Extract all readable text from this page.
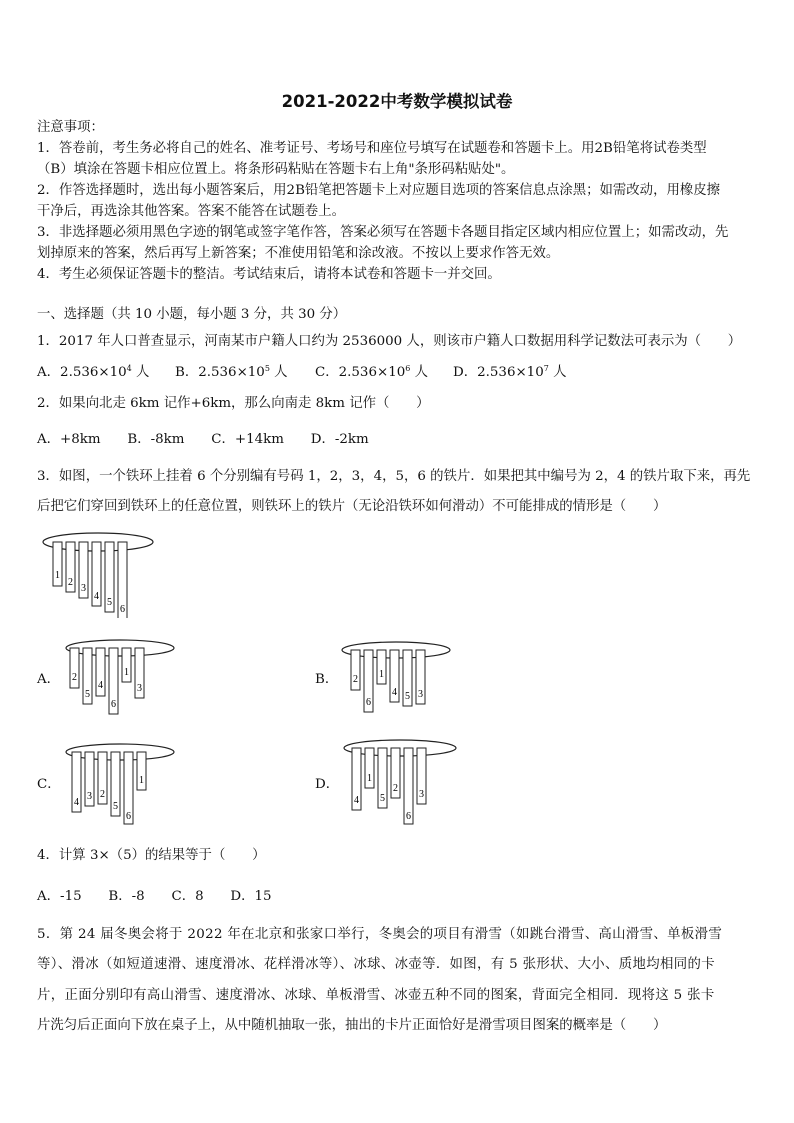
2021-2022中考数学模拟试卷
注意事项：
1．答卷前，考生务必将自己的姓名、准考证号、考场号和座位号填写在试题卷和答题卡上。用2B铅笔将试卷类型
（B）填涂在答题卡相应位置上。将条形码粘贴在答题卡右上角"条形码粘贴处"。
2．作答选择题时，选出每小题答案后，用2B铅笔把答题卡上对应题目选项的答案信息点涂黑；如需改动，用橡皮擦
干净后，再选涂其他答案。答案不能答在试题卷上。
3．非选择题必须用黑色字迹的钢笔或签字笔作答，答案必须写在答题卡各题目指定区域内相应位置上；如需改动，先
划掉原来的答案，然后再写上新答案；不准使用铅笔和涂改液。不按以上要求作答无效。
4．考生必须保证答题卡的整洁。考试结束后，请将本试卷和答题卡一并交回。
一、选择题（共 10 小题，每小题 3 分，共 30 分）
1．2017 年人口普查显示，河南某市户籍人口约为 2536000 人，则该市户籍人口数据用科学记数法可表示为（　　）
A．$2.536\times 10^4$ 人 B．$2.536\times 10^5$ 人 C．$2.536\times 10^6$ 人 D．$2.536\times 10^7$ 人
2．如果向北走 6km 记作+6km，那么向南走 8km 记作（　　）
A．+8km　　B．-8km　　C．+14km　　D．-2km
3．如图，一个铁环上挂着 6 个分别编有号码 1，2，3，4，5，6 的铁片．如果把其中编号为 2，4 的铁片取下来，再先
后把它们穿回到铁环上的任意位置，则铁环上的铁片（无论沿铁环如何滑动）不可能排成的情形是（　　）
1
2
3
4
5
6
A． 2
5
4
6
1
3
B． 2
6
1
4 5 3
C．
4
3 2
5
6
1	D．
4
1
5
2
6
3
4．计算 3×（5）的结果等于（　　）
A．-15　　B．-8　　C．8　　D．15
5．第 24 届冬奥会将于 2022 年在北京和张家口举行，冬奥会的项目有滑雪（如跳台滑雪、高山滑雪、单板滑雪
等）、滑冰（如短道速滑、速度滑冰、花样滑冰等）、冰球、冰壶等．如图，有 5 张形状、大小、质地均相同的卡
片，正面分别印有高山滑雪、速度滑冰、冰球、单板滑雪、冰壶五种不同的图案，背面完全相同．现将这 5 张卡
片洗匀后正面向下放在桌子上，从中随机抽取一张，抽出的卡片正面恰好是滑雪项目图案的概率是（　　）
